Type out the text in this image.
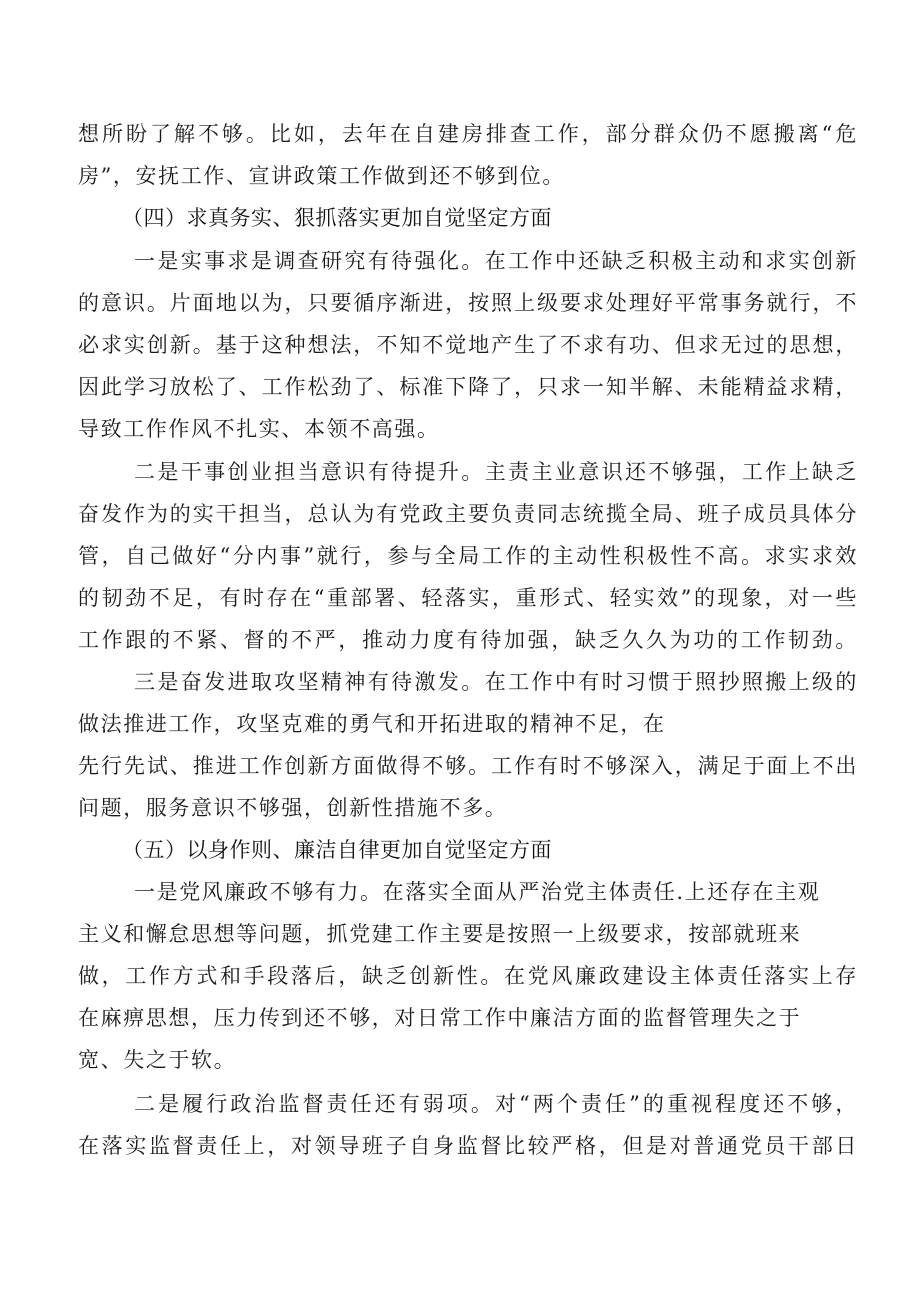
想所盼了解不够。比如，去年在自建房排查工作，部分群众仍不愿搬离“危
房”，安抚工作、宣讲政策工作做到还不够到位。
（四）求真务实、狠抓落实更加自觉坚定方面
一是实事求是调查研究有待强化。在工作中还缺乏积极主动和求实创新
的意识。片面地以为，只要循序渐进，按照上级要求处理好平常事务就行，不
必求实创新。基于这种想法，不知不觉地产生了不求有功、但求无过的思想，
因此学习放松了、工作松劲了、标准下降了，只求一知半解、未能精益求精，
导致工作作风不扎实、本领不高强。
二是干事创业担当意识有待提升。主责主业意识还不够强，工作上缺乏
奋发作为的实干担当，总认为有党政主要负责同志统揽全局、班子成员具体分
管，自己做好“分内事”就行，参与全局工作的主动性积极性不高。求实求效
的韧劲不足，有时存在“重部署、轻落实，重形式、轻实效”的现象，对一些
工作跟的不紧、督的不严，推动力度有待加强，缺乏久久为功的工作韧劲。
三是奋发进取攻坚精神有待激发。在工作中有时习惯于照抄照搬上级的
做法推进工作，攻坚克难的勇气和开拓进取的精神不足，在
先行先试、推进工作创新方面做得不够。工作有时不够深入，满足于面上不出
问题，服务意识不够强，创新性措施不多。
（五）以身作则、廉洁自律更加自觉坚定方面
一是党风廉政不够有力。在落实全面从严治党主体责任.上还存在主观
主义和懈怠思想等问题，抓党建工作主要是按照一上级要求，按部就班来
做，工作方式和手段落后，缺乏创新性。在党风廉政建设主体责任落实上存
在麻痹思想，压力传到还不够，对日常工作中廉洁方面的监督管理失之于
宽、失之于软。
二是履行政治监督责任还有弱项。对“两个责任”的重视程度还不够，
在落实监督责任上，对领导班子自身监督比较严格，但是对普通党员干部日
